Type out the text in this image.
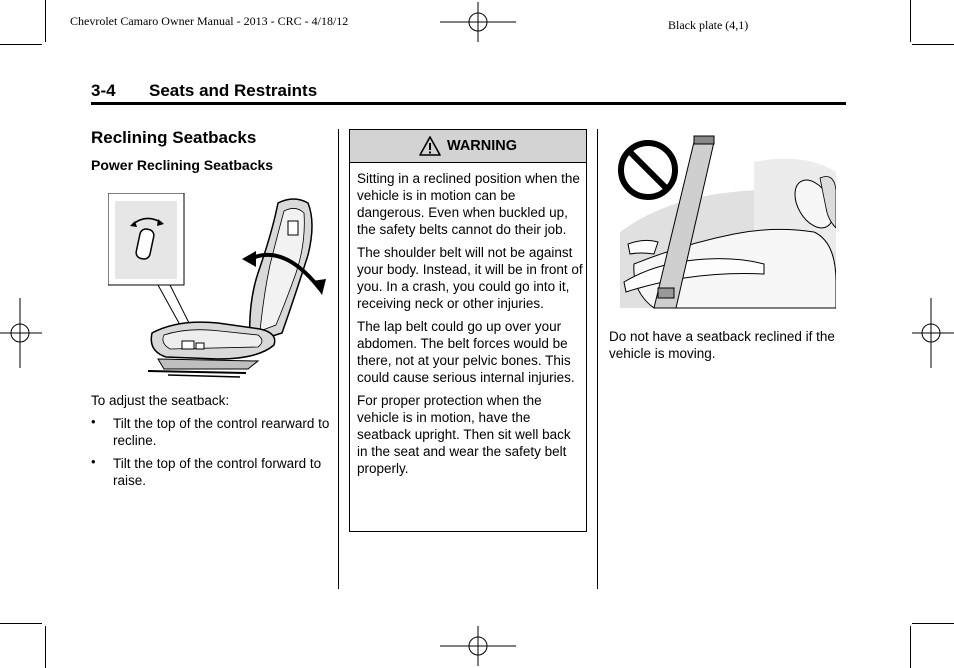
Chevrolet Camaro Owner Manual - 2013 - CRC - 4/18/12	Black plate (4,1)
3-4 Seats and Restraints
Reclining Seatbacks
Power Reclining Seatbacks
To adjust the seatback:
• Tilt the top of the control rearward to recline.
• Tilt the top of the control forward to raise.
WARNING

Sitting in a reclined position when the vehicle is in motion can be dangerous. Even when buckled up, the safety belts cannot do their job.

The shoulder belt will not be against your body. Instead, it will be in front of you. In a crash, you could go into it, receiving neck or other injuries.

The lap belt could go up over your abdomen. The belt forces would be there, not at your pelvic bones. This could cause serious internal injuries.

For proper protection when the vehicle is in motion, have the seatback upright. Then sit well back in the seat and wear the safety belt properly.

Do not have a seatback reclined if the vehicle is moving.
